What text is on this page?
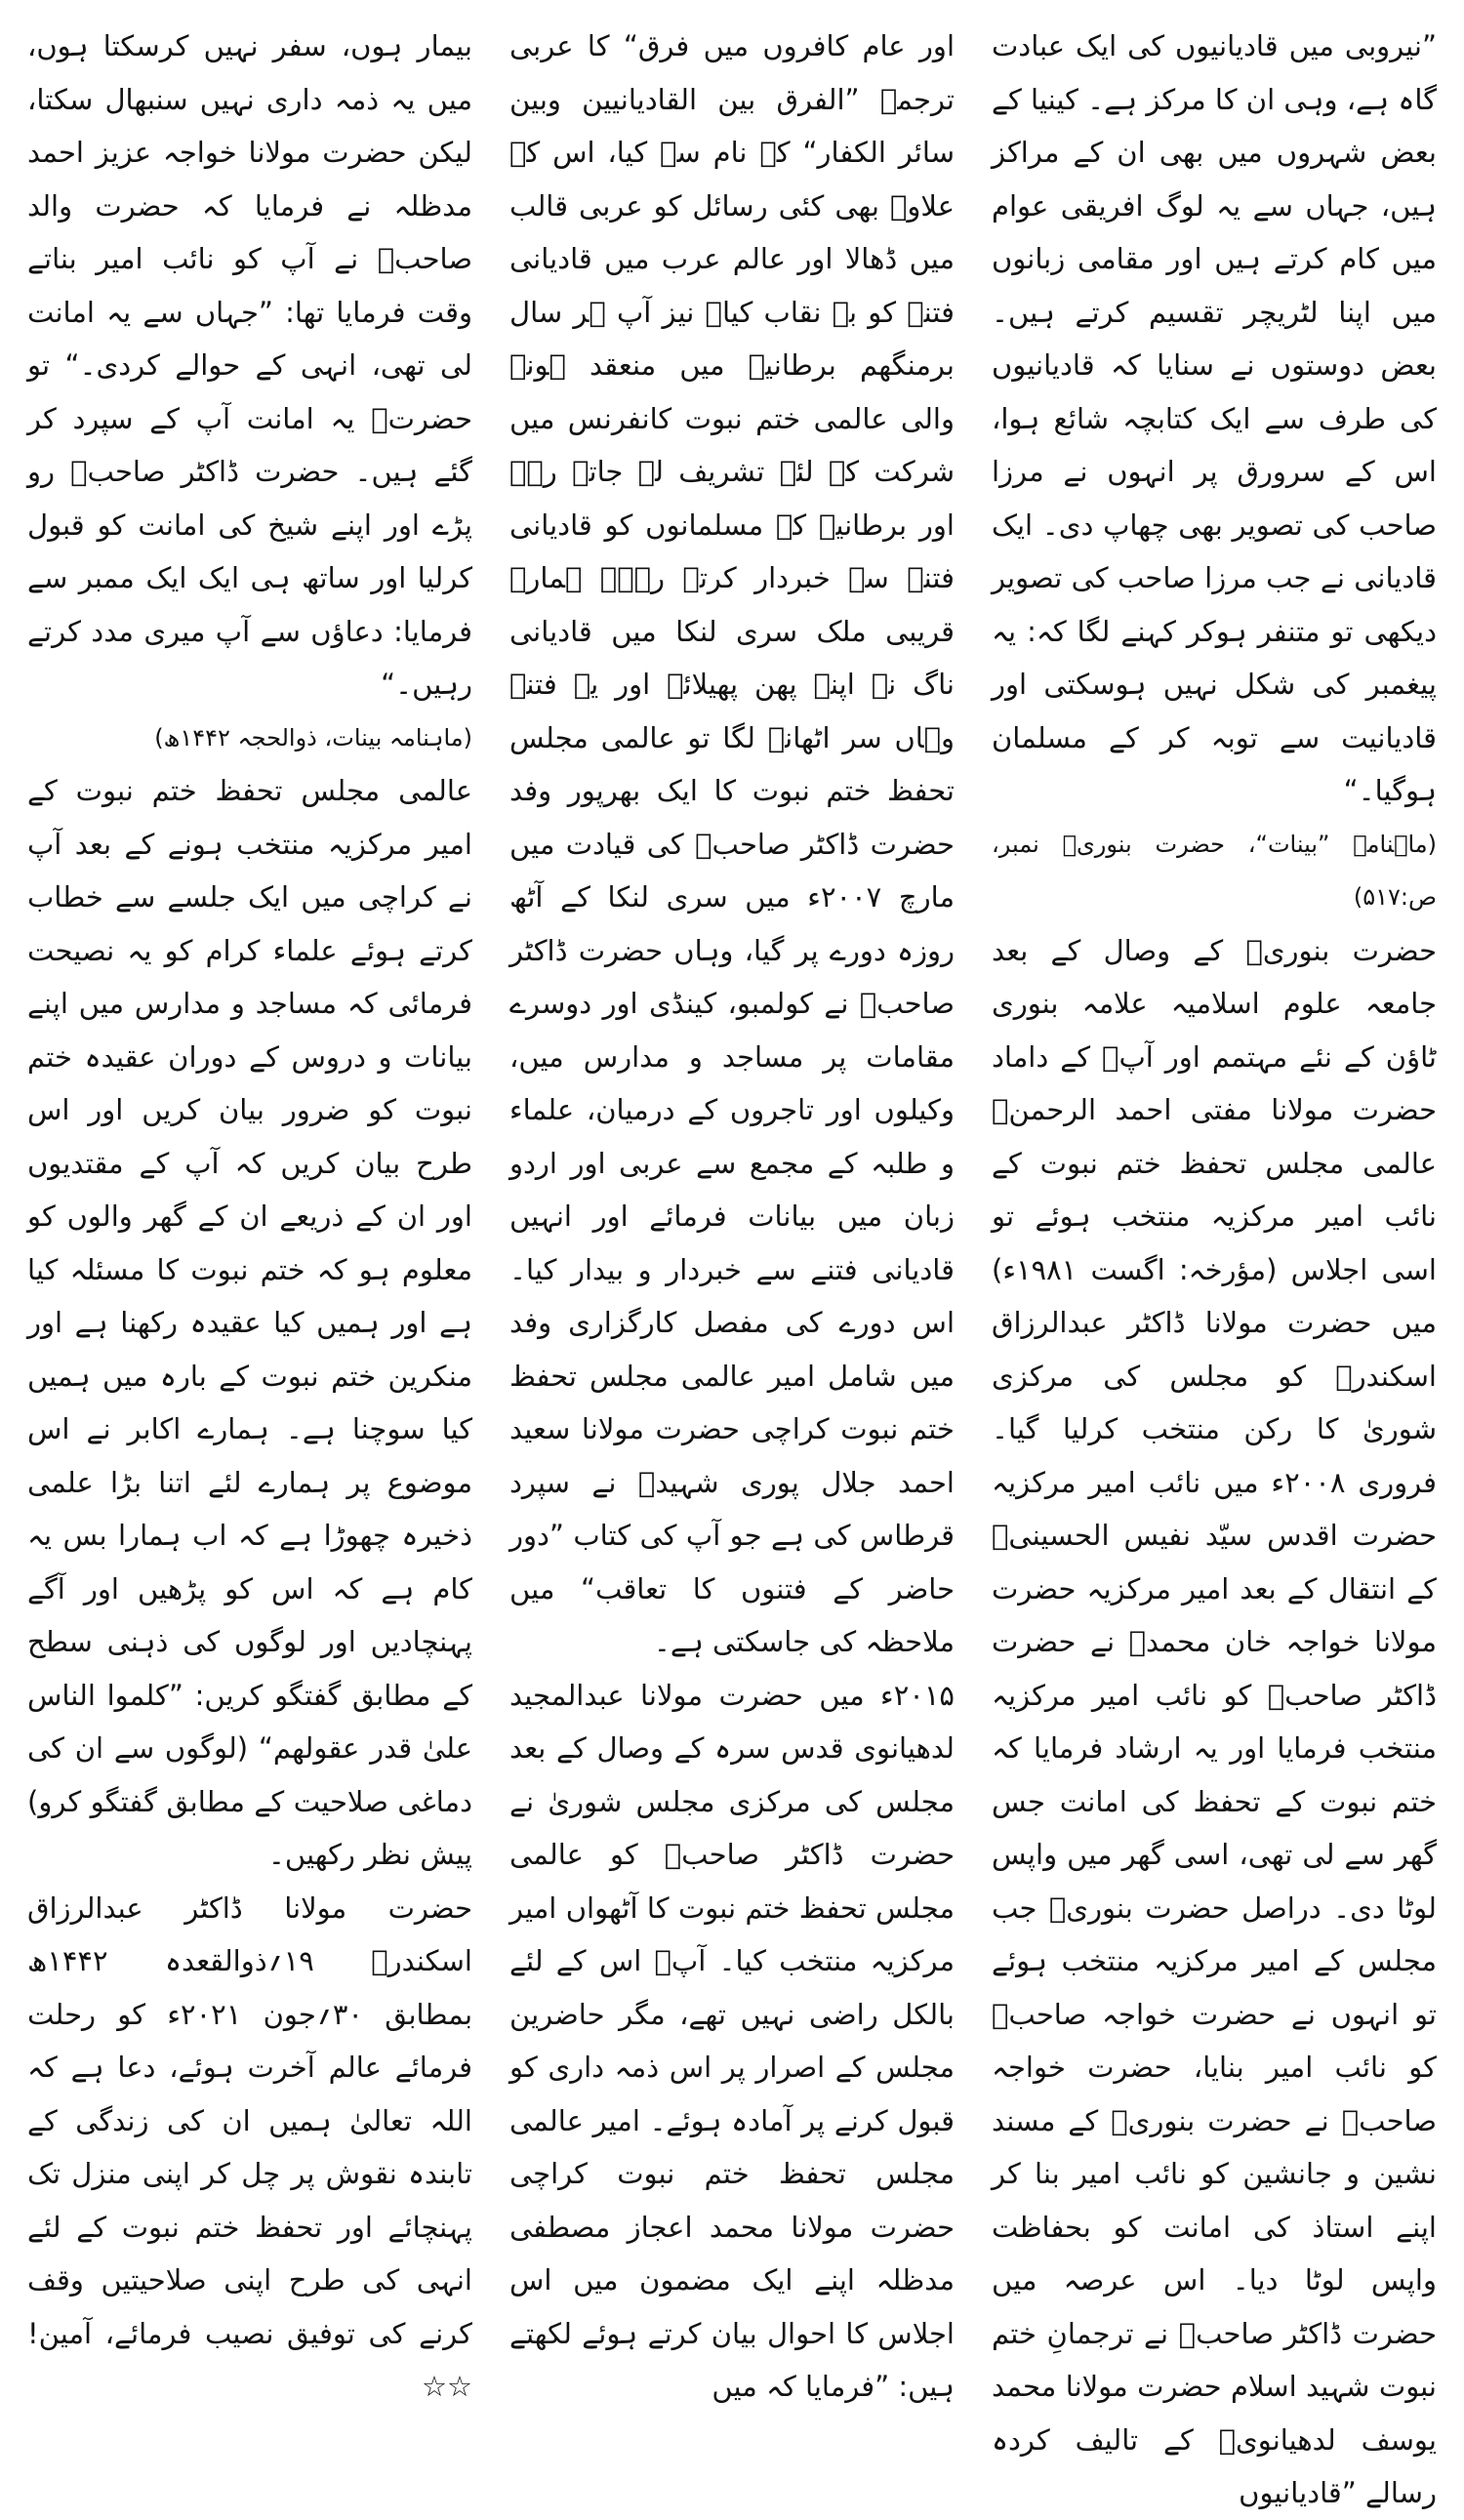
”نیروبی میں قادیانیوں کی ایک عبادت گاہ ہے، وہی ان کا مرکز ہے۔ کینیا کے بعض شہروں میں بھی ان کے مراکز ہیں، جہاں سے یہ لوگ افریقی عوام میں کام کرتے ہیں اور مقامی زبانوں میں اپنا لٹریچر تقسیم کرتے ہیں۔ بعض دوستوں نے سنایا کہ قادیانیوں کی طرف سے ایک کتابچہ شائع ہوا، اس کے سرورق پر انہوں نے مرزا صاحب کی تصویر بھی چھاپ دی۔ ایک قادیانی نے جب مرزا صاحب کی تصویر دیکھی تو متنفر ہوکر کہنے لگا کہ: یہ پیغمبر کی شکل نہیں ہوسکتی اور قادیانیت سے توبہ کر کے مسلمان ہوگیا۔“

(ماہنامہ ”بینات“، حضرت بنوریؒ نمبر، ص:۵۱۷)

حضرت بنوریؒ کے وصال کے بعد جامعہ علوم اسلامیہ علامہ بنوری ٹاؤن کے نئے مہتمم اور آپؒ کے داماد حضرت مولانا مفتی احمد الرحمنؒ عالمی مجلس تحفظ ختم نبوت کے نائب امیر مرکزیہ منتخب ہوئے تو اسی اجلاس (مؤرخہ: اگست ۱۹۸۱ء) میں حضرت مولانا ڈاکٹر عبدالرزاق اسکندرؒ کو مجلس کی مرکزی شوریٰ کا رکن منتخب کرلیا گیا۔ فروری ۲۰۰۸ء میں نائب امیر مرکزیہ حضرت اقدس سیّد نفیس الحسینیؒ کے انتقال کے بعد امیر مرکزیہ حضرت مولانا خواجہ خان محمدؒ نے حضرت ڈاکٹر صاحبؒ کو نائب امیر مرکزیہ منتخب فرمایا اور یہ ارشاد فرمایا کہ ختم نبوت کے تحفظ کی امانت جس گھر سے لی تھی، اسی گھر میں واپس لوٹا دی۔ دراصل حضرت بنوریؒ جب مجلس کے امیر مرکزیہ منتخب ہوئے تو انہوں نے حضرت خواجہ صاحبؒ کو نائب امیر بنایا، حضرت خواجہ صاحبؒ نے حضرت بنوریؒ کے مسند نشین و جانشین کو نائب امیر بنا کر اپنے استاذ کی امانت کو بحفاظت واپس لوٹا دیا۔ اس عرصہ میں حضرت ڈاکٹر صاحبؒ نے ترجمانِ ختم نبوت شہید اسلام حضرت مولانا محمد یوسف لدھیانویؒ کے تالیف کردہ رسالے ”قادیانیوں

اور عام کافروں میں فرق“ کا عربی ترجمہ ”الفرق بین القادیانیین وبین سائر الکفار“ کے نام سے کیا، اس کے علاوہ بھی کئی رسائل کو عربی قالب میں ڈھالا اور عالم عرب میں قادیانی فتنے کو بے نقاب کیا۔ نیز آپ ہر سال برمنگھم برطانیہ میں منعقد ہونے والی عالمی ختم نبوت کانفرنس میں شرکت کے لئے تشریف لے جاتے رہے اور برطانیہ کے مسلمانوں کو قادیانی فتنے سے خبردار کرتے رہے۔ ہمارے قریبی ملک سری لنکا میں قادیانی ناگ نے اپنے پھن پھیلائے اور یہ فتنہ وہاں سر اٹھانے لگا تو عالمی مجلس تحفظ ختم نبوت کا ایک بھرپور وفد حضرت ڈاکٹر صاحبؒ کی قیادت میں مارچ ۲۰۰۷ء میں سری لنکا کے آٹھ روزہ دورے پر گیا، وہاں حضرت ڈاکٹر صاحبؒ نے کولمبو، کینڈی اور دوسرے مقامات پر مساجد و مدارس میں، وکیلوں اور تاجروں کے درمیان، علماء و طلبہ کے مجمع سے عربی اور اردو زبان میں بیانات فرمائے اور انہیں قادیانی فتنے سے خبردار و بیدار کیا۔ اس دورے کی مفصل کارگزاری وفد میں شامل امیر عالمی مجلس تحفظ ختم نبوت کراچی حضرت مولانا سعید احمد جلال پوری شہیدؒ نے سپرد قرطاس کی ہے جو آپ کی کتاب ”دور حاضر کے فتنوں کا تعاقب“ میں ملاحظہ کی جاسکتی ہے۔

۲۰۱۵ء میں حضرت مولانا عبدالمجید لدھیانوی قدس سرہ کے وصال کے بعد مجلس کی مرکزی مجلس شوریٰ نے حضرت ڈاکٹر صاحبؒ کو عالمی مجلس تحفظ ختم نبوت کا آٹھواں امیر مرکزیہ منتخب کیا۔ آپؒ اس کے لئے بالکل راضی نہیں تھے، مگر حاضرین مجلس کے اصرار پر اس ذمہ داری کو قبول کرنے پر آمادہ ہوئے۔ امیر عالمی مجلس تحفظ ختم نبوت کراچی حضرت مولانا محمد اعجاز مصطفی مدظلہ اپنے ایک مضمون میں اس اجلاس کا احوال بیان کرتے ہوئے لکھتے ہیں: ”فرمایا کہ میں

بیمار ہوں، سفر نہیں کرسکتا ہوں، میں یہ ذمہ داری نہیں سنبھال سکتا، لیکن حضرت مولانا خواجہ عزیز احمد مدظلہ نے فرمایا کہ حضرت والد صاحبؒ نے آپ کو نائب امیر بناتے وقت فرمایا تھا: ”جہاں سے یہ امانت لی تھی، انہی کے حوالے کردی۔“ تو حضرتؒ یہ امانت آپ کے سپرد کر گئے ہیں۔ حضرت ڈاکٹر صاحبؒ رو پڑے اور اپنے شیخ کی امانت کو قبول کرلیا اور ساتھ ہی ایک ایک ممبر سے فرمایا: دعاؤں سے آپ میری مدد کرتے رہیں۔“

(ماہنامہ بینات، ذوالحجہ ۱۴۴۲ھ)

عالمی مجلس تحفظ ختم نبوت کے امیر مرکزیہ منتخب ہونے کے بعد آپ نے کراچی میں ایک جلسے سے خطاب کرتے ہوئے علماء کرام کو یہ نصیحت فرمائی کہ مساجد و مدارس میں اپنے بیانات و دروس کے دوران عقیدہ ختم نبوت کو ضرور بیان کریں اور اس طرح بیان کریں کہ آپ کے مقتدیوں اور ان کے ذریعے ان کے گھر والوں کو معلوم ہو کہ ختم نبوت کا مسئلہ کیا ہے اور ہمیں کیا عقیدہ رکھنا ہے اور منکرین ختم نبوت کے بارہ میں ہمیں کیا سوچنا ہے۔ ہمارے اکابر نے اس موضوع پر ہمارے لئے اتنا بڑا علمی ذخیرہ چھوڑا ہے کہ اب ہمارا بس یہ کام ہے کہ اس کو پڑھیں اور آگے پہنچادیں اور لوگوں کی ذہنی سطح کے مطابق گفتگو کریں: ”کلموا الناس علیٰ قدر عقولھم“ (لوگوں سے ان کی دماغی صلاحیت کے مطابق گفتگو کرو) پیش نظر رکھیں۔

حضرت مولانا ڈاکٹر عبدالرزاق اسکندرؒ ۱۹؍ذوالقعدہ ۱۴۴۲ھ بمطابق ۳۰؍جون ۲۰۲۱ء کو رحلت فرمائے عالم آخرت ہوئے، دعا ہے کہ اللہ تعالیٰ ہمیں ان کی زندگی کے تابندہ نقوش پر چل کر اپنی منزل تک پہنچائے اور تحفظ ختم نبوت کے لئے انہی کی طرح اپنی صلاحیتیں وقف کرنے کی توفیق نصیب فرمائے، آمین! ☆☆
